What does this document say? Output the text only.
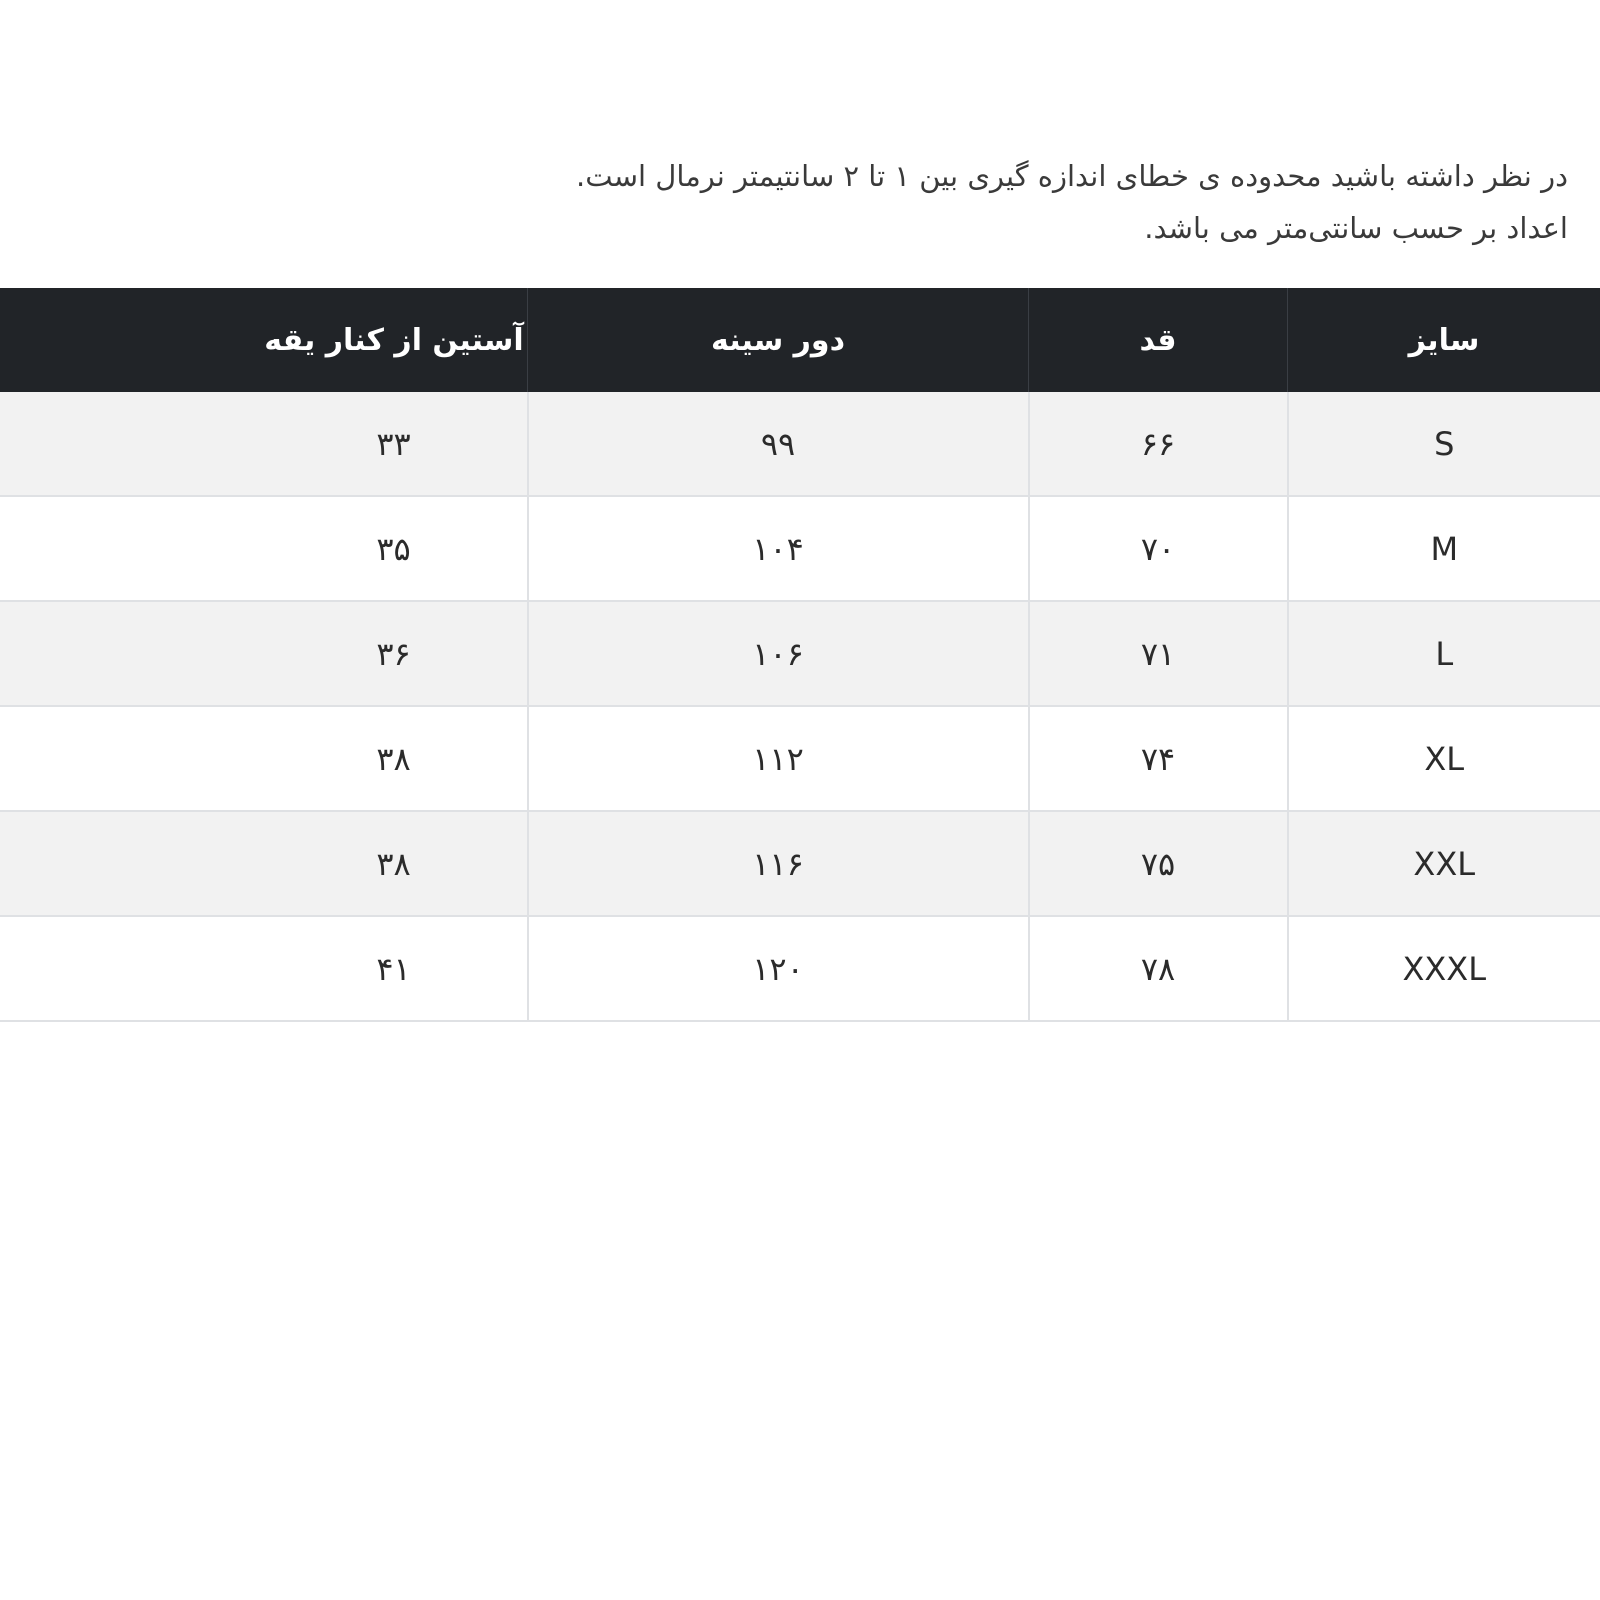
در نظر داشته باشید محدوده ی خطای اندازه گیری بین ۱ تا ۲ سانتیمتر نرمال است.

اعداد بر حسب سانتی‌متر می باشد.

سایز	قد	دور سینه	آستین از کنار یقه
S	۶۶	۹۹	۳۳
M	۷۰	۱۰۴	۳۵
L	۷۱	۱۰۶	۳۶
XL	۷۴	۱۱۲	۳۸
XXL	۷۵	۱۱۶	۳۸
XXXL	۷۸	۱۲۰	۴۱
